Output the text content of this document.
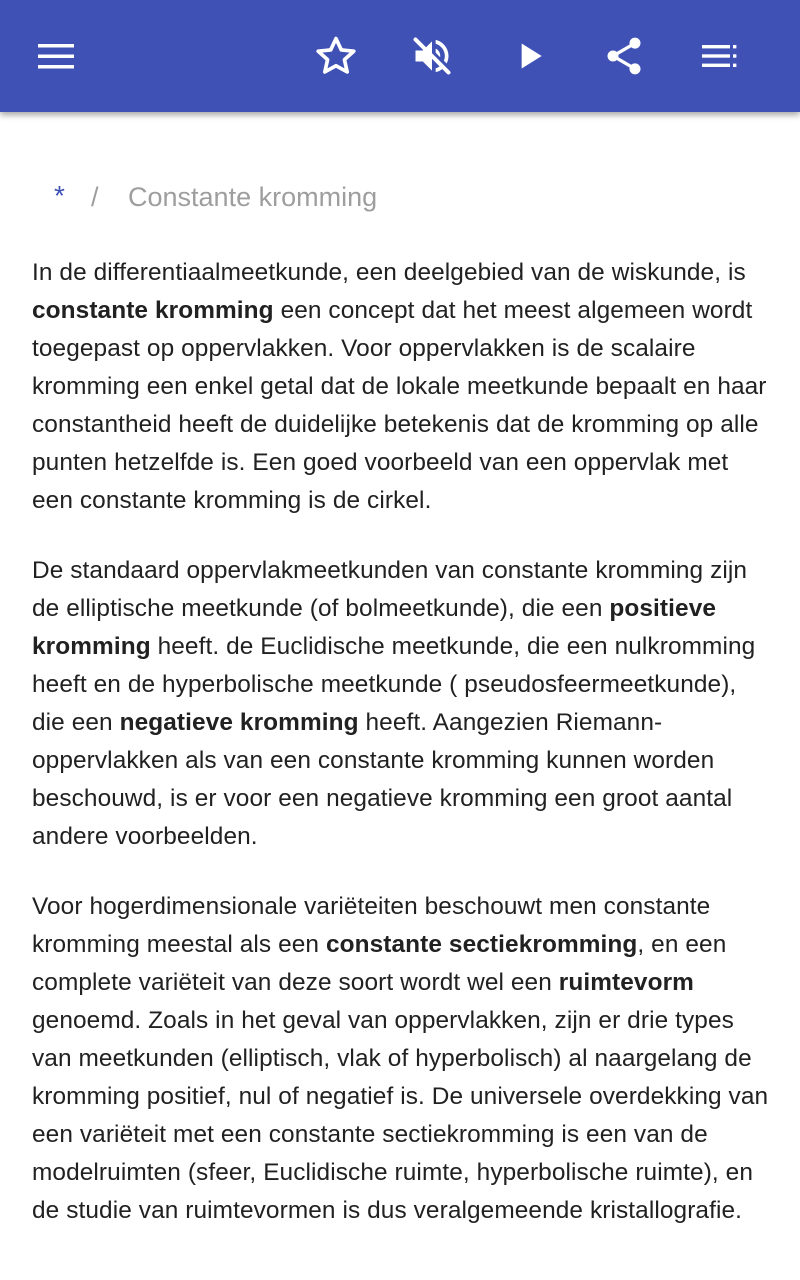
* / Constante kromming

In de differentiaalmeetkunde, een deelgebied van de wiskunde, is constante kromming een concept dat het meest algemeen wordt toegepast op oppervlakken. Voor oppervlakken is de scalaire kromming een enkel getal dat de lokale meetkunde bepaalt en haar constantheid heeft de duidelijke betekenis dat de kromming op alle punten hetzelfde is. Een goed voorbeeld van een oppervlak met een constante kromming is de cirkel.

De standaard oppervlakmeetkunden van constante kromming zijn de elliptische meetkunde (of bolmeetkunde), die een positieve kromming heeft. de Euclidische meetkunde, die een nulkromming heeft en de hyperbolische meetkunde ( pseudosfeermeetkunde), die een negatieve kromming heeft. Aangezien Riemann-oppervlakken als van een constante kromming kunnen worden beschouwd, is er voor een negatieve kromming een groot aantal andere voorbeelden.

Voor hogerdimensionale variëteiten beschouwt men constante kromming meestal als een constante sectiekromming, en een complete variëteit van deze soort wordt wel een ruimtevorm genoemd. Zoals in het geval van oppervlakken, zijn er drie types van meetkunden (elliptisch, vlak of hyperbolisch) al naargelang de kromming positief, nul of negatief is. De universele overdekking van een variëteit met een constante sectiekromming is een van de modelruimten (sfeer, Euclidische ruimte, hyperbolische ruimte), en de studie van ruimtevormen is dus veralgemeende kristallografie.
